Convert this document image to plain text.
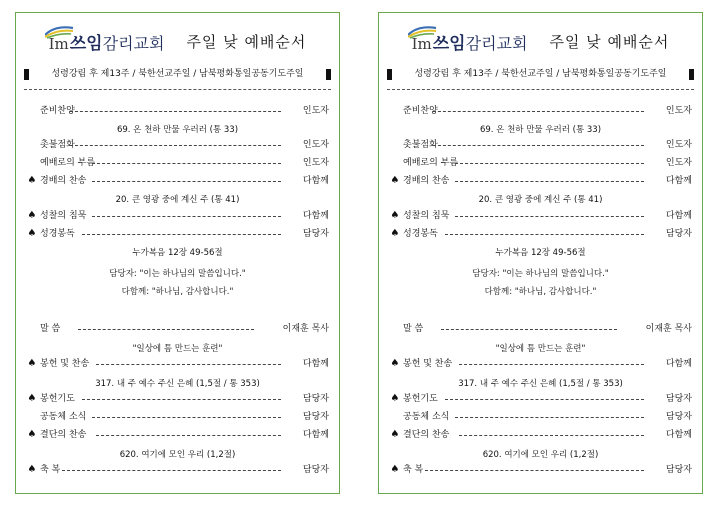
Im쓰임감리교회 주일 낮 예배순서
성령강림 후 제13주 / 북한선교주일 / 남북평화통일공동기도주일
준비찬양	인도자
69. 온 천하 만물 우러러 (통 33)
촛불점화	인도자
예배로의 부름	인도자
♠ 경배의 찬송	다함께
20. 큰 영광 중에 계신 주 (통 41)
♠ 성찰의 침묵	다함께
♠ 성경봉독	담당자
누가복음 12장 49-56절
말 씀	이재훈 목사
"일상에 틈 만드는 훈련"
♠ 봉헌 및 찬송	다함께
317. 내 주 예수 주신 은혜 (1,5절 / 통 353)
♠ 봉헌기도	담당자
공동체 소식	담당자
♠ 결단의 찬송	다함께
620. 여기에 모인 우리 (1,2절)
♠ 축 복	담당자
담당자: "이는 하나님의 말씀입니다."
다함께: "하나님, 감사합니다."
Im쓰임감리교회 주일 낮 예배순서
성령강림 후 제13주 / 북한선교주일 / 남북평화통일공동기도주일
준비찬양	인도자
69. 온 천하 만물 우러러 (통 33)
촛불점화	인도자
예배로의 부름	인도자
♠ 경배의 찬송	다함께
20. 큰 영광 중에 계신 주 (통 41)
♠ 성찰의 침묵	다함께
♠ 성경봉독	담당자
누가복음 12장 49-56절
말 씀	이재훈 목사
"일상에 틈 만드는 훈련"
♠ 봉헌 및 찬송	다함께
317. 내 주 예수 주신 은혜 (1,5절 / 통 353)
♠ 봉헌기도	담당자
공동체 소식	담당자
♠ 결단의 찬송	다함께
620. 여기에 모인 우리 (1,2절)
♠ 축 복	담당자
담당자: "이는 하나님의 말씀입니다."
다함께: "하나님, 감사합니다."
